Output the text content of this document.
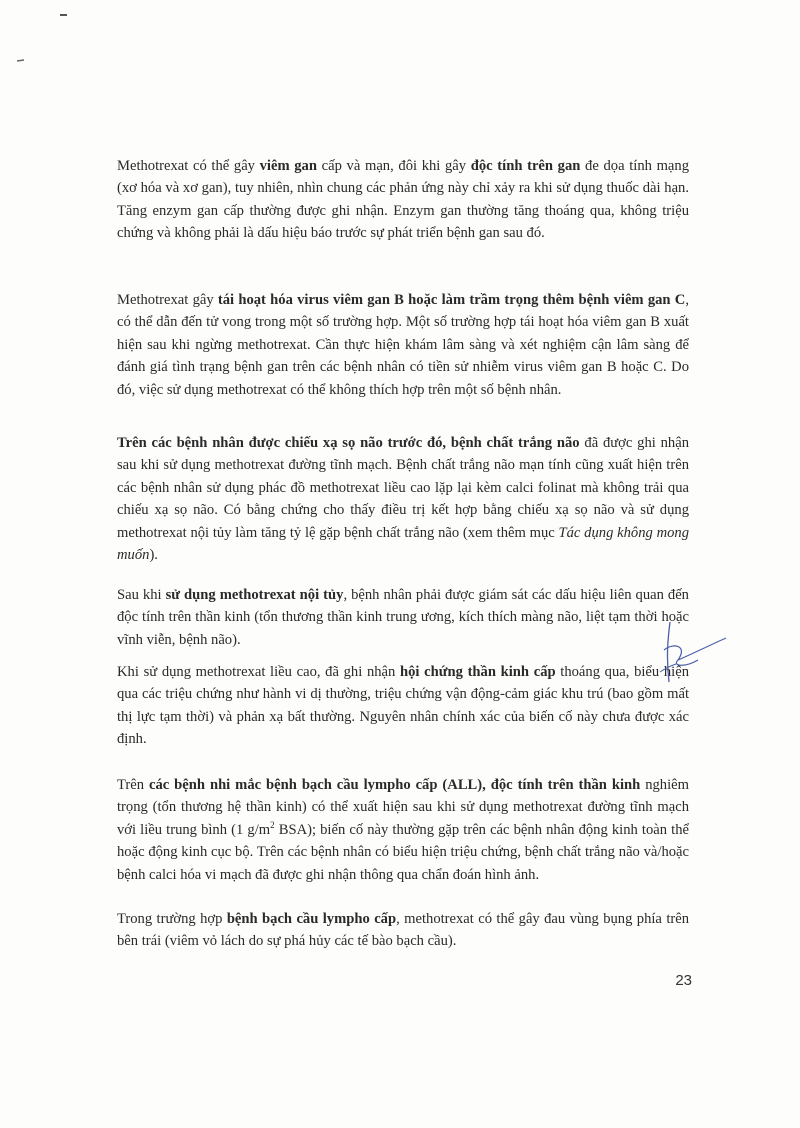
Methotrexat có thể gây viêm gan cấp và mạn, đôi khi gây độc tính trên gan đe dọa tính mạng (xơ hóa và xơ gan), tuy nhiên, nhìn chung các phản ứng này chỉ xảy ra khi sử dụng thuốc dài hạn. Tăng enzym gan cấp thường được ghi nhận. Enzym gan thường tăng thoáng qua, không triệu chứng và không phải là dấu hiệu báo trước sự phát triển bệnh gan sau đó.

Methotrexat gây tái hoạt hóa virus viêm gan B hoặc làm trầm trọng thêm bệnh viêm gan C, có thể dẫn đến tử vong trong một số trường hợp. Một số trường hợp tái hoạt hóa viêm gan B xuất hiện sau khi ngừng methotrexat. Cần thực hiện khám lâm sàng và xét nghiệm cận lâm sàng để đánh giá tình trạng bệnh gan trên các bệnh nhân có tiền sử nhiễm virus viêm gan B hoặc C. Do đó, việc sử dụng methotrexat có thể không thích hợp trên một số bệnh nhân.

Trên các bệnh nhân được chiếu xạ sọ não trước đó, bệnh chất trắng não đã được ghi nhận sau khi sử dụng methotrexat đường tĩnh mạch. Bệnh chất trắng não mạn tính cũng xuất hiện trên các bệnh nhân sử dụng phác đồ methotrexat liều cao lặp lại kèm calci folinat mà không trải qua chiếu xạ sọ não. Có bằng chứng cho thấy điều trị kết hợp bằng chiếu xạ sọ não và sử dụng methotrexat nội tủy làm tăng tỷ lệ gặp bệnh chất trắng não (xem thêm mục Tác dụng không mong muốn).

Sau khi sử dụng methotrexat nội tủy, bệnh nhân phải được giám sát các dấu hiệu liên quan đến độc tính trên thần kinh (tổn thương thần kinh trung ương, kích thích màng não, liệt tạm thời hoặc vĩnh viễn, bệnh não).

Khi sử dụng methotrexat liều cao, đã ghi nhận hội chứng thần kinh cấp thoáng qua, biểu hiện qua các triệu chứng như hành vi dị thường, triệu chứng vận động-cảm giác khu trú (bao gồm mất thị lực tạm thời) và phản xạ bất thường. Nguyên nhân chính xác của biến cố này chưa được xác định.

Trên các bệnh nhi mắc bệnh bạch cầu lympho cấp (ALL), độc tính trên thần kinh nghiêm trọng (tổn thương hệ thần kinh) có thể xuất hiện sau khi sử dụng methotrexat đường tĩnh mạch với liều trung bình (1 $g/m^2$ BSA); biến cố này thường gặp trên các bệnh nhân động kinh toàn thể hoặc động kinh cục bộ. Trên các bệnh nhân có biểu hiện triệu chứng, bệnh chất trắng não và/hoặc bệnh calci hóa vi mạch đã được ghi nhận thông qua chẩn đoán hình ảnh.

Trong trường hợp bệnh bạch cầu lympho cấp, methotrexat có thể gây đau vùng bụng phía trên bên trái (viêm vỏ lách do sự phá hủy các tế bào bạch cầu).

23
